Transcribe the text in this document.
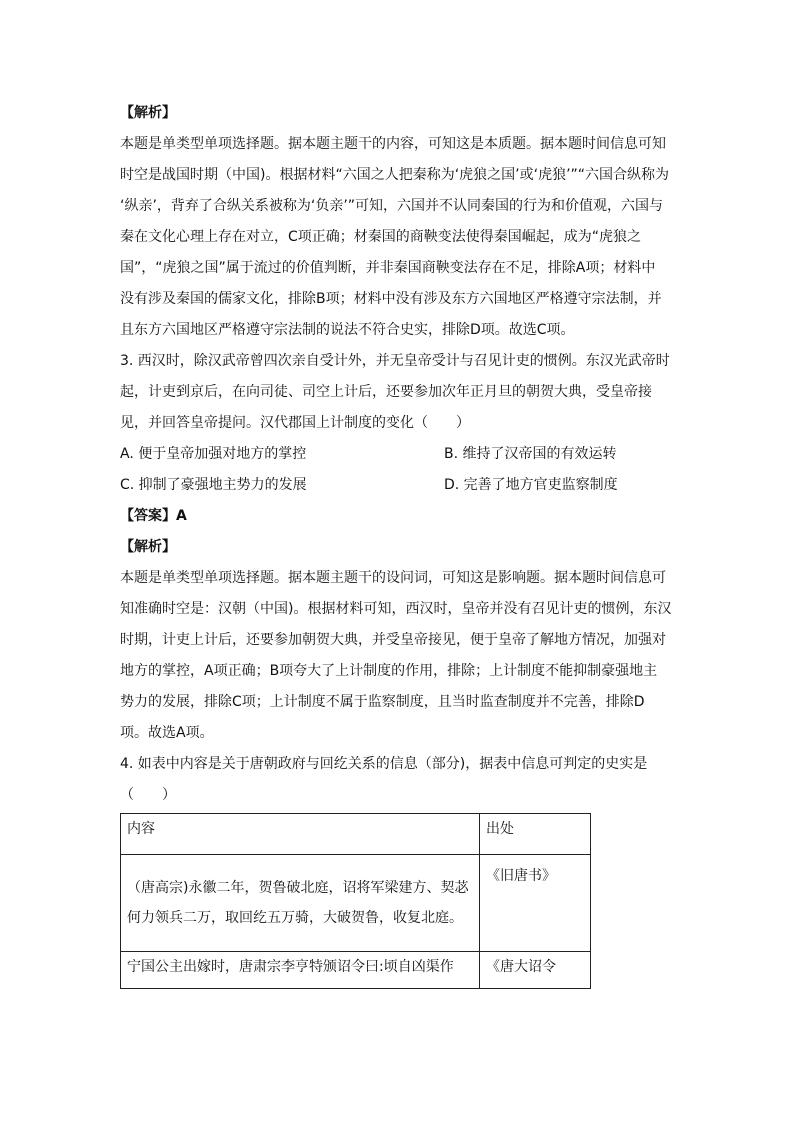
【解析】
本题是单类型单项选择题。据本题主题干的内容，可知这是本质题。据本题时间信息可知
时空是战国时期（中国)。根据材料“六国之人把秦称为‘虎狼之国’或‘虎狼’”“六国合纵称为
‘纵亲’，背弃了合纵关系被称为‘负亲’”可知，六国并不认同秦国的行为和价值观，六国与
秦在文化心理上存在对立，C项正确；材秦国的商鞅变法使得秦国崛起，成为“虎狼之
国”，“虎狼之国”属于流过的价值判断，并非秦国商鞅变法存在不足，排除A项；材料中
没有涉及秦国的儒家文化，排除B项；材料中没有涉及东方六国地区严格遵守宗法制，并
且东方六国地区严格遵守宗法制的说法不符合史实，排除D项。故选C项。
3. 西汉时，除汉武帝曾四次亲自受计外，并无皇帝受计与召见计吏的惯例。东汉光武帝时
起，计吏到京后，在向司徒、司空上计后，还要参加次年正月旦的朝贺大典，受皇帝接
见，并回答皇帝提问。汉代郡国上计制度的变化（　　）
A. 便于皇帝加强对地方的掌控	B. 维持了汉帝国的有效运转
C. 抑制了豪强地主势力的发展	D. 完善了地方官吏监察制度
【答案】A
【解析】
本题是单类型单项选择题。据本题主题干的设问词，可知这是影响题。据本题时间信息可
知准确时空是：汉朝（中国)。根据材料可知，西汉时，皇帝并没有召见计吏的惯例，东汉
时期，计吏上计后，还要参加朝贺大典，并受皇帝接见，便于皇帝了解地方情况，加强对
地方的掌控，A项正确；B项夸大了上计制度的作用，排除；上计制度不能抑制豪强地主
势力的发展，排除C项；上计制度不属于监察制度，且当时监查制度并不完善，排除D
项。故选A项。
4. 如表中内容是关于唐朝政府与回纥关系的信息（部分)，据表中信息可判定的史实是
（　　）
内容	出处

（唐高宗)永徽二年，贺鲁破北庭，诏将军梁建方、契苾
何力领兵二万，取回纥五万骑，大破贺鲁，收复北庭。	《旧唐书》

宁国公主出嫁时，唐肃宗李亨特颁诏令曰:顷自凶渠作	《唐大诏令
